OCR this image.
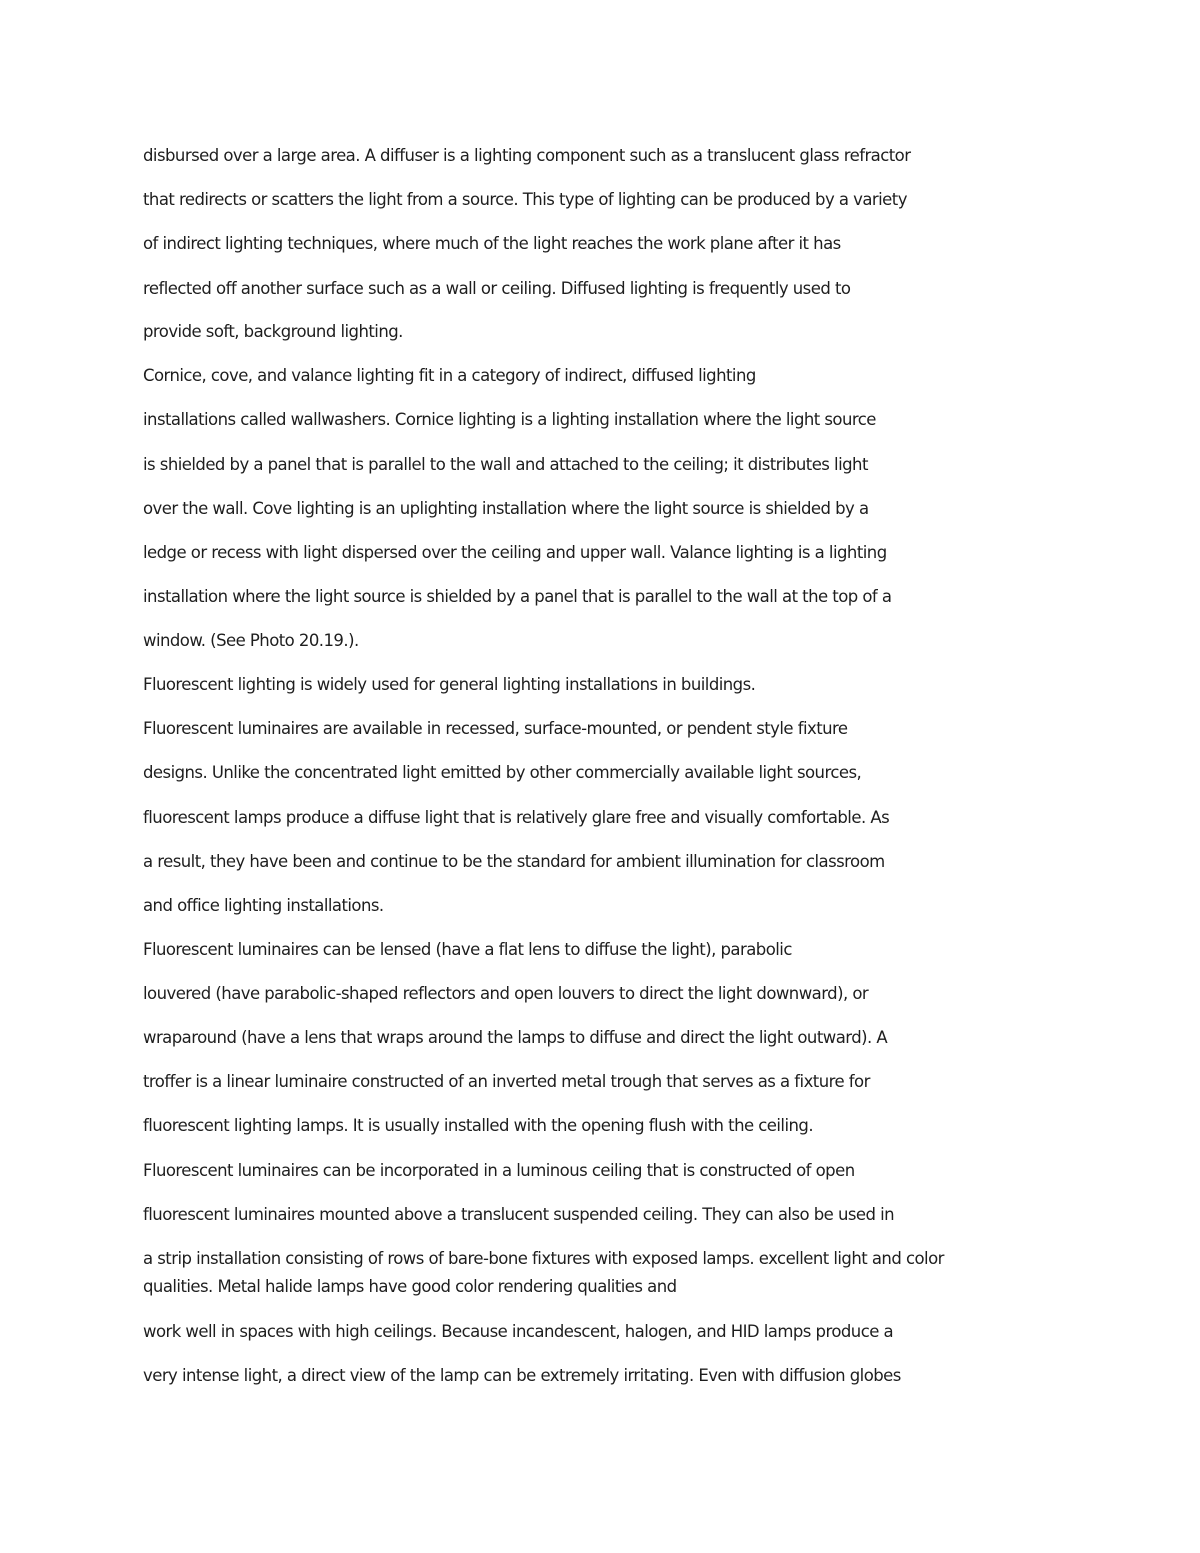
disbursed over a large area. A diffuser is a lighting component such as a translucent glass refractor

that redirects or scatters the light from a source. This type of lighting can be produced by a variety

of indirect lighting techniques, where much of the light reaches the work plane after it has

reflected off another surface such as a wall or ceiling. Diffused lighting is frequently used to

provide soft, background lighting.

Cornice, cove, and valance lighting fit in a category of indirect, diffused lighting

installations called wallwashers. Cornice lighting is a lighting installation where the light source

is shielded by a panel that is parallel to the wall and attached to the ceiling; it distributes light

over the wall. Cove lighting is an uplighting installation where the light source is shielded by a

ledge or recess with light dispersed over the ceiling and upper wall. Valance lighting is a lighting

installation where the light source is shielded by a panel that is parallel to the wall at the top of a

window. (See Photo 20.19.).

Fluorescent lighting is widely used for general lighting installations in buildings.

Fluorescent luminaires are available in recessed, surface-mounted, or pendent style fixture

designs. Unlike the concentrated light emitted by other commercially available light sources,

fluorescent lamps produce a diffuse light that is relatively glare free and visually comfortable. As

a result, they have been and continue to be the standard for ambient illumination for classroom

and office lighting installations.

Fluorescent luminaires can be lensed (have a flat lens to diffuse the light), parabolic

louvered (have parabolic-shaped reflectors and open louvers to direct the light downward), or

wraparound (have a lens that wraps around the lamps to diffuse and direct the light outward). A

troffer is a linear luminaire constructed of an inverted metal trough that serves as a fixture for

fluorescent lighting lamps. It is usually installed with the opening flush with the ceiling.

Fluorescent luminaires can be incorporated in a luminous ceiling that is constructed of open

fluorescent luminaires mounted above a translucent suspended ceiling. They can also be used in

a strip installation consisting of rows of bare-bone fixtures with exposed lamps. excellent light and color

qualities. Metal halide lamps have good color rendering qualities and

work well in spaces with high ceilings. Because incandescent, halogen, and HID lamps produce a

very intense light, a direct view of the lamp can be extremely irritating. Even with diffusion globes
